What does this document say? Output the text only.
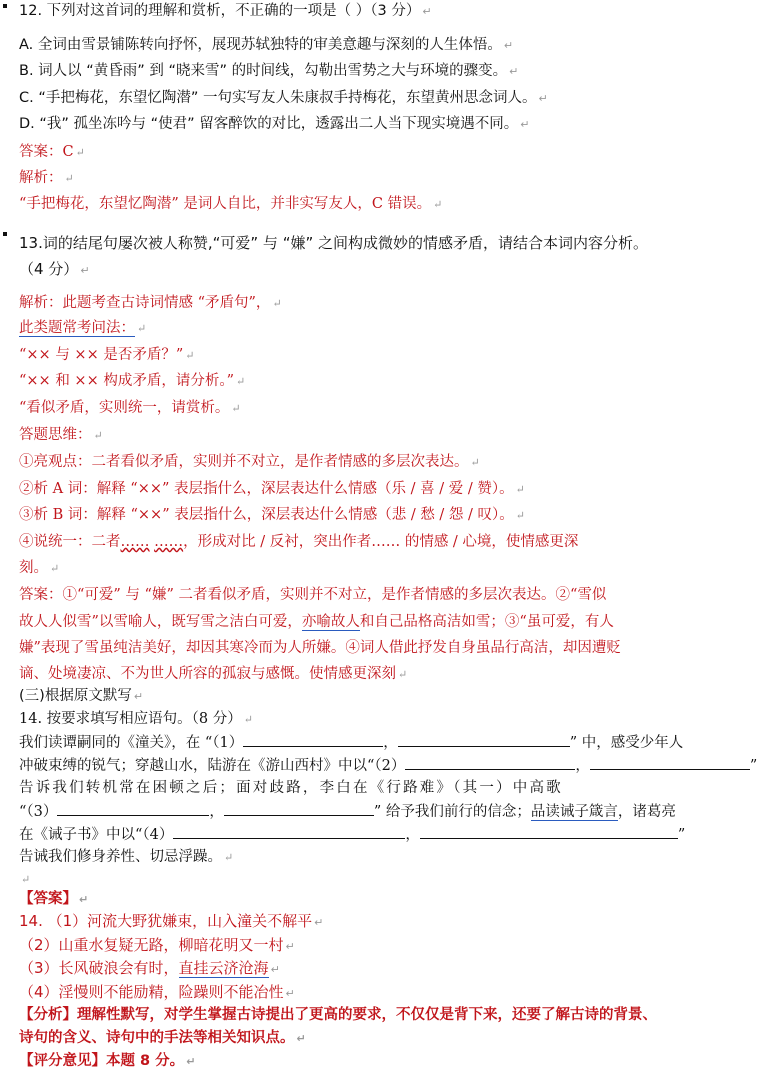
12. 下列对这首词的理解和赏析，不正确的一项是（ ）（3 分） ↵
A. 全词由雪景铺陈转向抒怀，展现苏轼独特的审美意趣与深刻的人生体悟。 ↵
B. 词人以 “黄昏雨” 到 “晓来雪” 的时间线，勾勒出雪势之大与环境的骤变。 ↵
C. “手把梅花，东望忆陶潜” 一句实写友人朱康叔手持梅花，东望黄州思念词人。 ↵
D. “我” 孤坐冻吟与 “使君” 留客醉饮的对比，透露出二人当下现实境遇不同。 ↵
答案：C ↵
解析： ↵
“手把梅花，东望忆陶潜” 是词人自比，并非实写友人，C 错误。 ↵
13.词的结尾句屡次被人称赞,“可爱” 与 “嫌” 之间构成微妙的情感矛盾，请结合本词内容分析。
（4 分） ↵
解析：此题考查古诗词情感 “矛盾句”， ↵
此类题常考问法： ↵
“×× 与 ×× 是否矛盾？” ↵
“×× 和 ×× 构成矛盾，请分析。” ↵
“看似矛盾，实则统一，请赏析。 ↵
答题思维： ↵
①亮观点：二者看似矛盾，实则并不对立，是作者情感的多层次表达。 ↵
②析 A 词：解释 “××” 表层指什么，深层表达什么情感（乐 / 喜 / 爱 / 赞）。 ↵
③析 B 词：解释 “××” 表层指什么，深层表达什么情感（悲 / 愁 / 怨 / 叹）。 ↵
④说统一：二者…… ……，形成对比 / 反衬，突出作者…… 的情感 / 心境，使情感更深
刻。 ↵
答案：①“可爱” 与 “嫌” 二者看似矛盾，实则并不对立，是作者情感的多层次表达。②“雪似
故人人似雪”以雪喻人，既写雪之洁白可爱，亦喻故人和自己品格高洁如雪；③“虽可爱，有人
嫌”表现了雪虽纯洁美好，却因其寒冷而为人所嫌。④词人借此抒发自身虽品行高洁，却因遭贬
谪、处境凄凉、不为世人所容的孤寂与感慨。使情感更深刻 ↵
(三)根据原文默写 ↵
14. 按要求填写相应语句。（8 分） ↵
我们读谭嗣同的《潼关》，在 “（1）	，	” 中，感受少年人
冲破束缚的锐气；穿越山水，陆游在《游山西村》中以“（2）	，	”
告诉我们转机常在困顿之后；面对歧路，李白在《行路难》（其一）中高歌
“（3）	，	” 给予我们前行的信念；品读诫子箴言，诸葛亮
在《诫子书》中以“（4）	，	”
告诫我们修身养性、切忌浮躁。 ↵
↵
【答案】 ↵
14. （1）河流大野犹嫌束，山入潼关不解平 ↵
（2）山重水复疑无路，柳暗花明又一村 ↵
（3）长风破浪会有时，直挂云济沧海 ↵
（4）淫慢则不能励精，险躁则不能冶性 ↵
【分析】理解性默写，对学生掌握古诗提出了更高的要求，不仅仅是背下来，还要了解古诗的背景、
诗句的含义、诗句中的手法等相关知识点。 ↵
【评分意见】本题 8 分。 ↵
